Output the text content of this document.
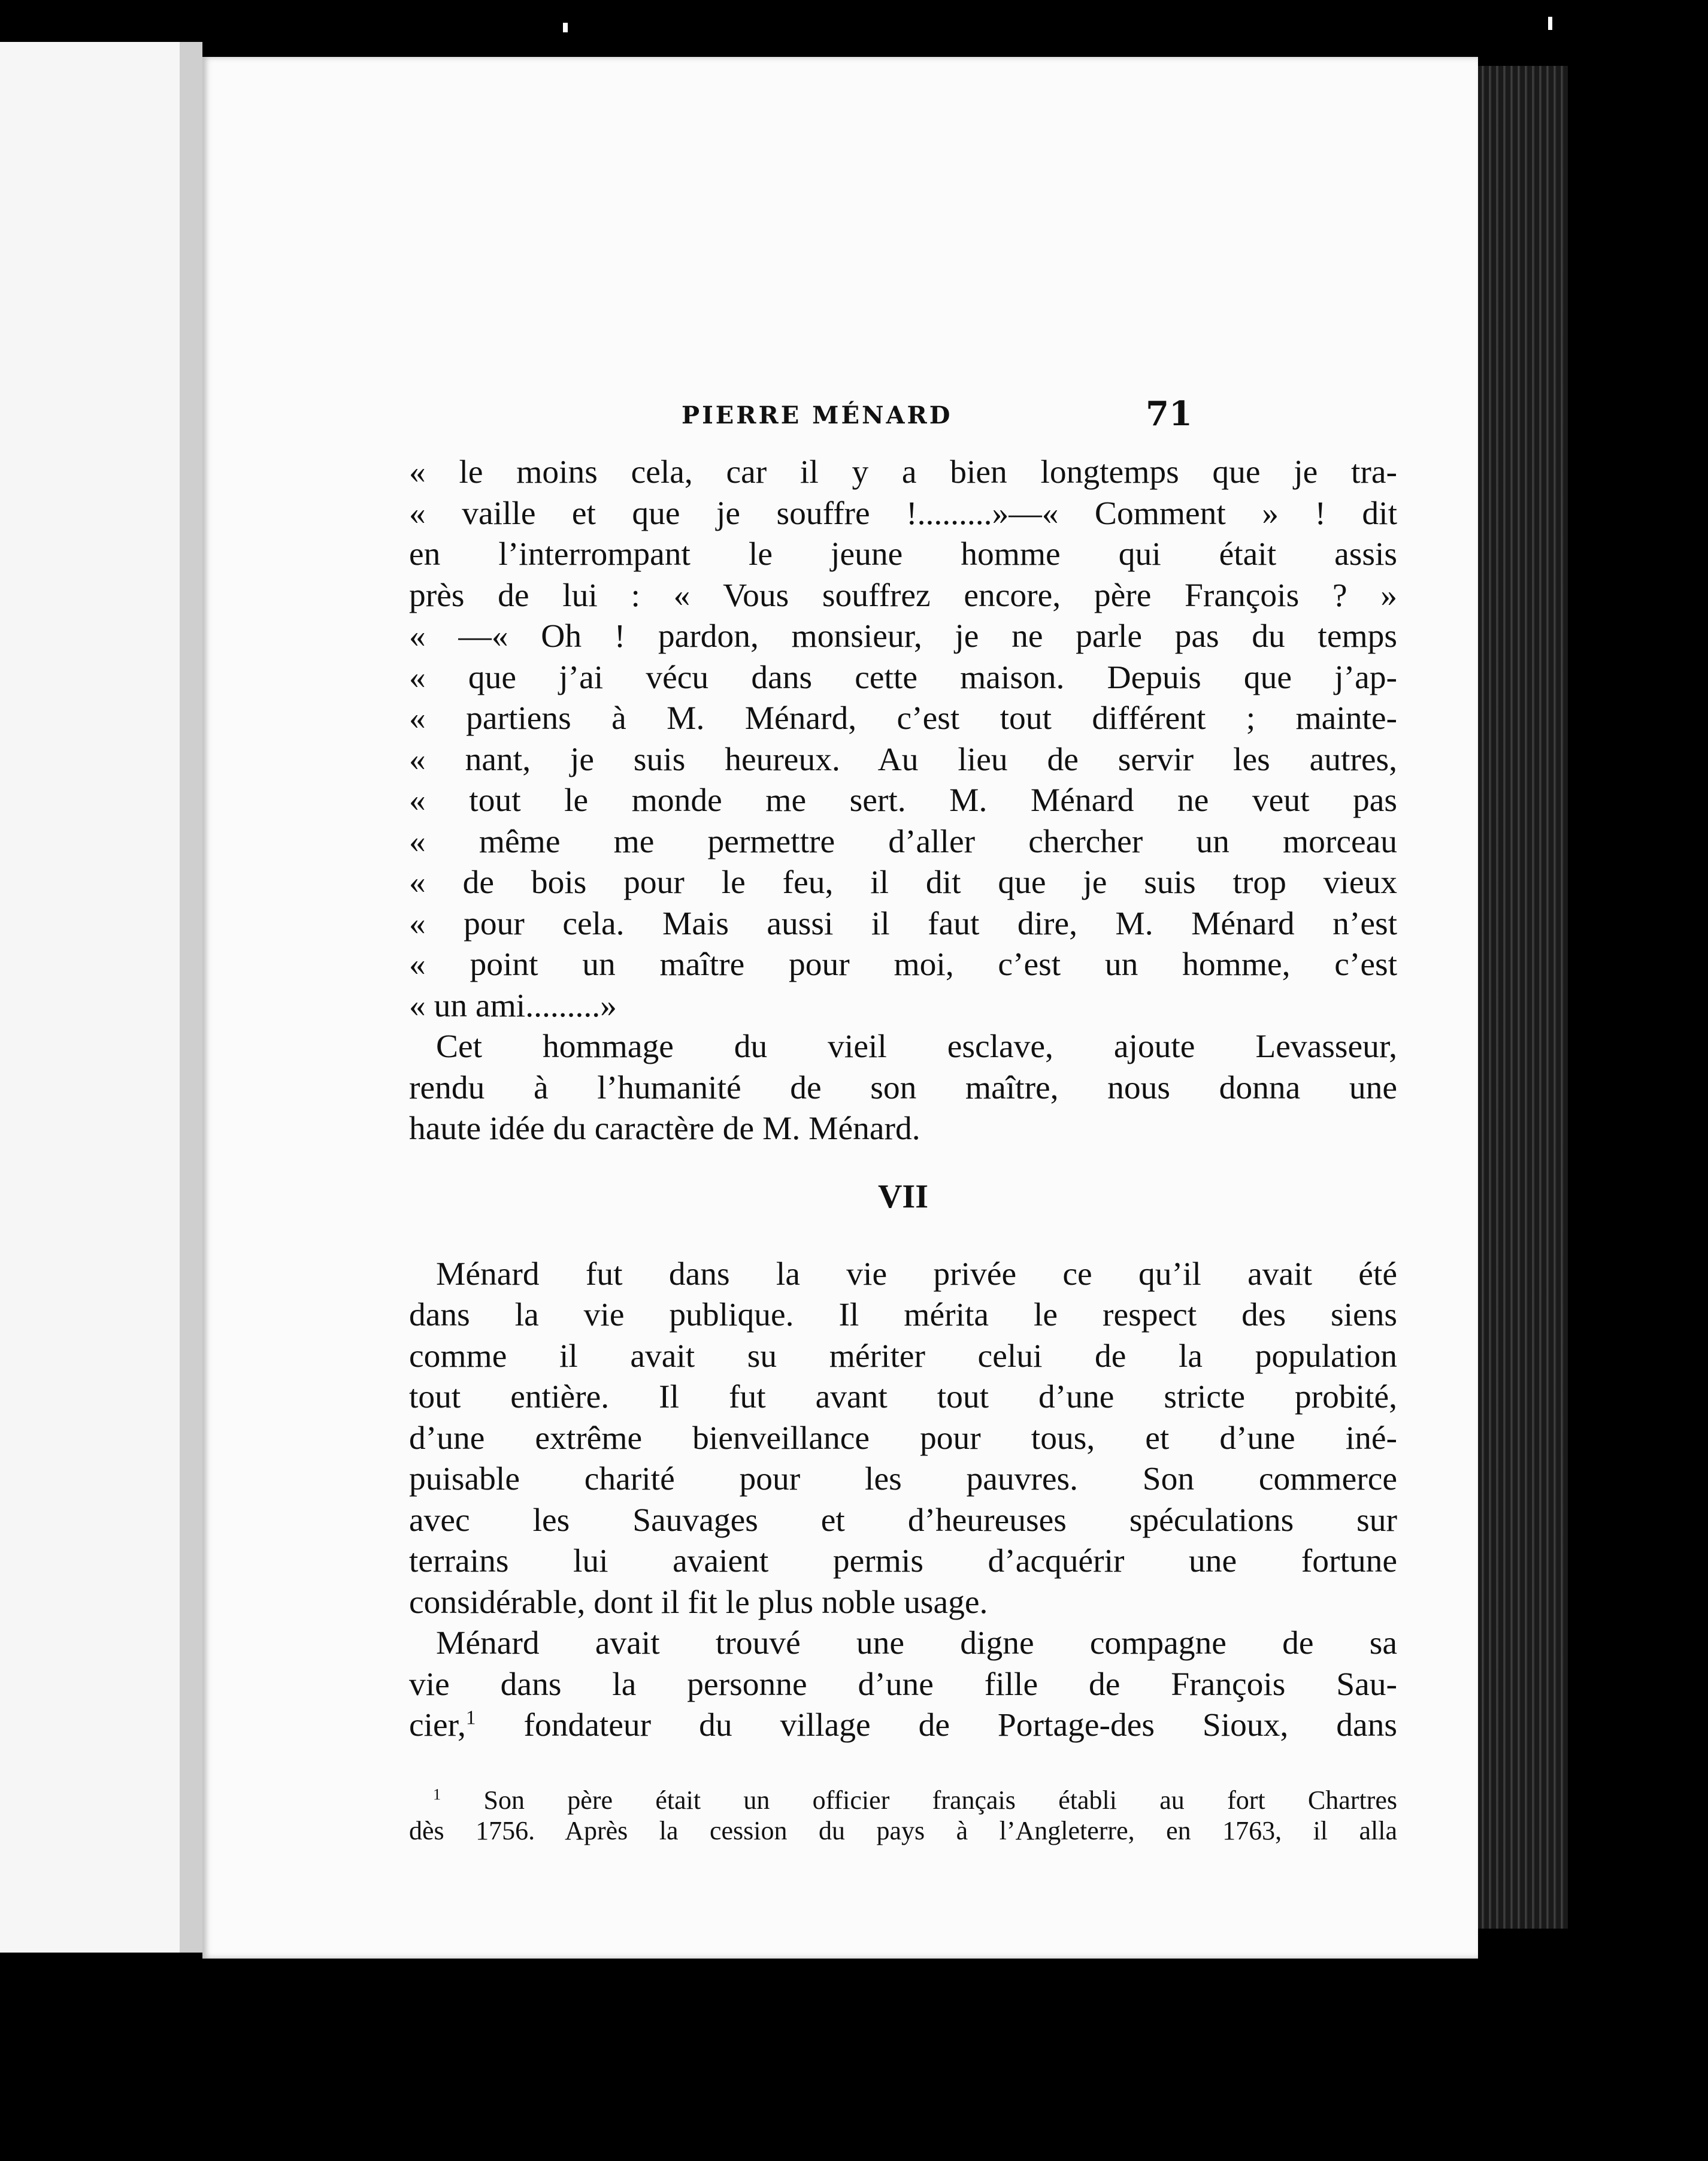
PIERRE MÉNARD	71
« le moins cela, car il y a bien longtemps que je tra-
« vaille et que je souffre !.........»—« Comment » ! dit
en l’interrompant le jeune homme qui était assis
près de lui : « Vous souffrez encore, père François ? »
« —« Oh ! pardon, monsieur, je ne parle pas du temps
« que j’ai vécu dans cette maison. Depuis que j’ap-
« partiens à M. Ménard, c’est tout différent ; mainte-
« nant, je suis heureux. Au lieu de servir les autres,
« tout le monde me sert. M. Ménard ne veut pas
« même me permettre d’aller chercher un morceau
« de bois pour le feu, il dit que je suis trop vieux
« pour cela. Mais aussi il faut dire, M. Ménard n’est
« point un maître pour moi, c’est un homme, c’est
« un ami.........»
Cet hommage du vieil esclave, ajoute Levasseur,
rendu à l’humanité de son maître, nous donna une
haute idée du caractère de M. Ménard.
VII
Ménard fut dans la vie privée ce qu’il avait été
dans la vie publique. Il mérita le respect des siens
comme il avait su mériter celui de la population
tout entière. Il fut avant tout d’une stricte probité,
d’une extrême bienveillance pour tous, et d’une iné-
puisable charité pour les pauvres. Son commerce
avec les Sauvages et d’heureuses spéculations sur
terrains lui avaient permis d’acquérir une fortune
considérable, dont il fit le plus noble usage.
Ménard avait trouvé une digne compagne de sa
vie dans la personne d’une fille de François Sau-
cier,$^1$ fondateur du village de Portage-des Sioux, dans
$^1$ Son père était un officier français établi au fort Chartres
dès 1756. Après la cession du pays à l’Angleterre, en 1763, il alla
